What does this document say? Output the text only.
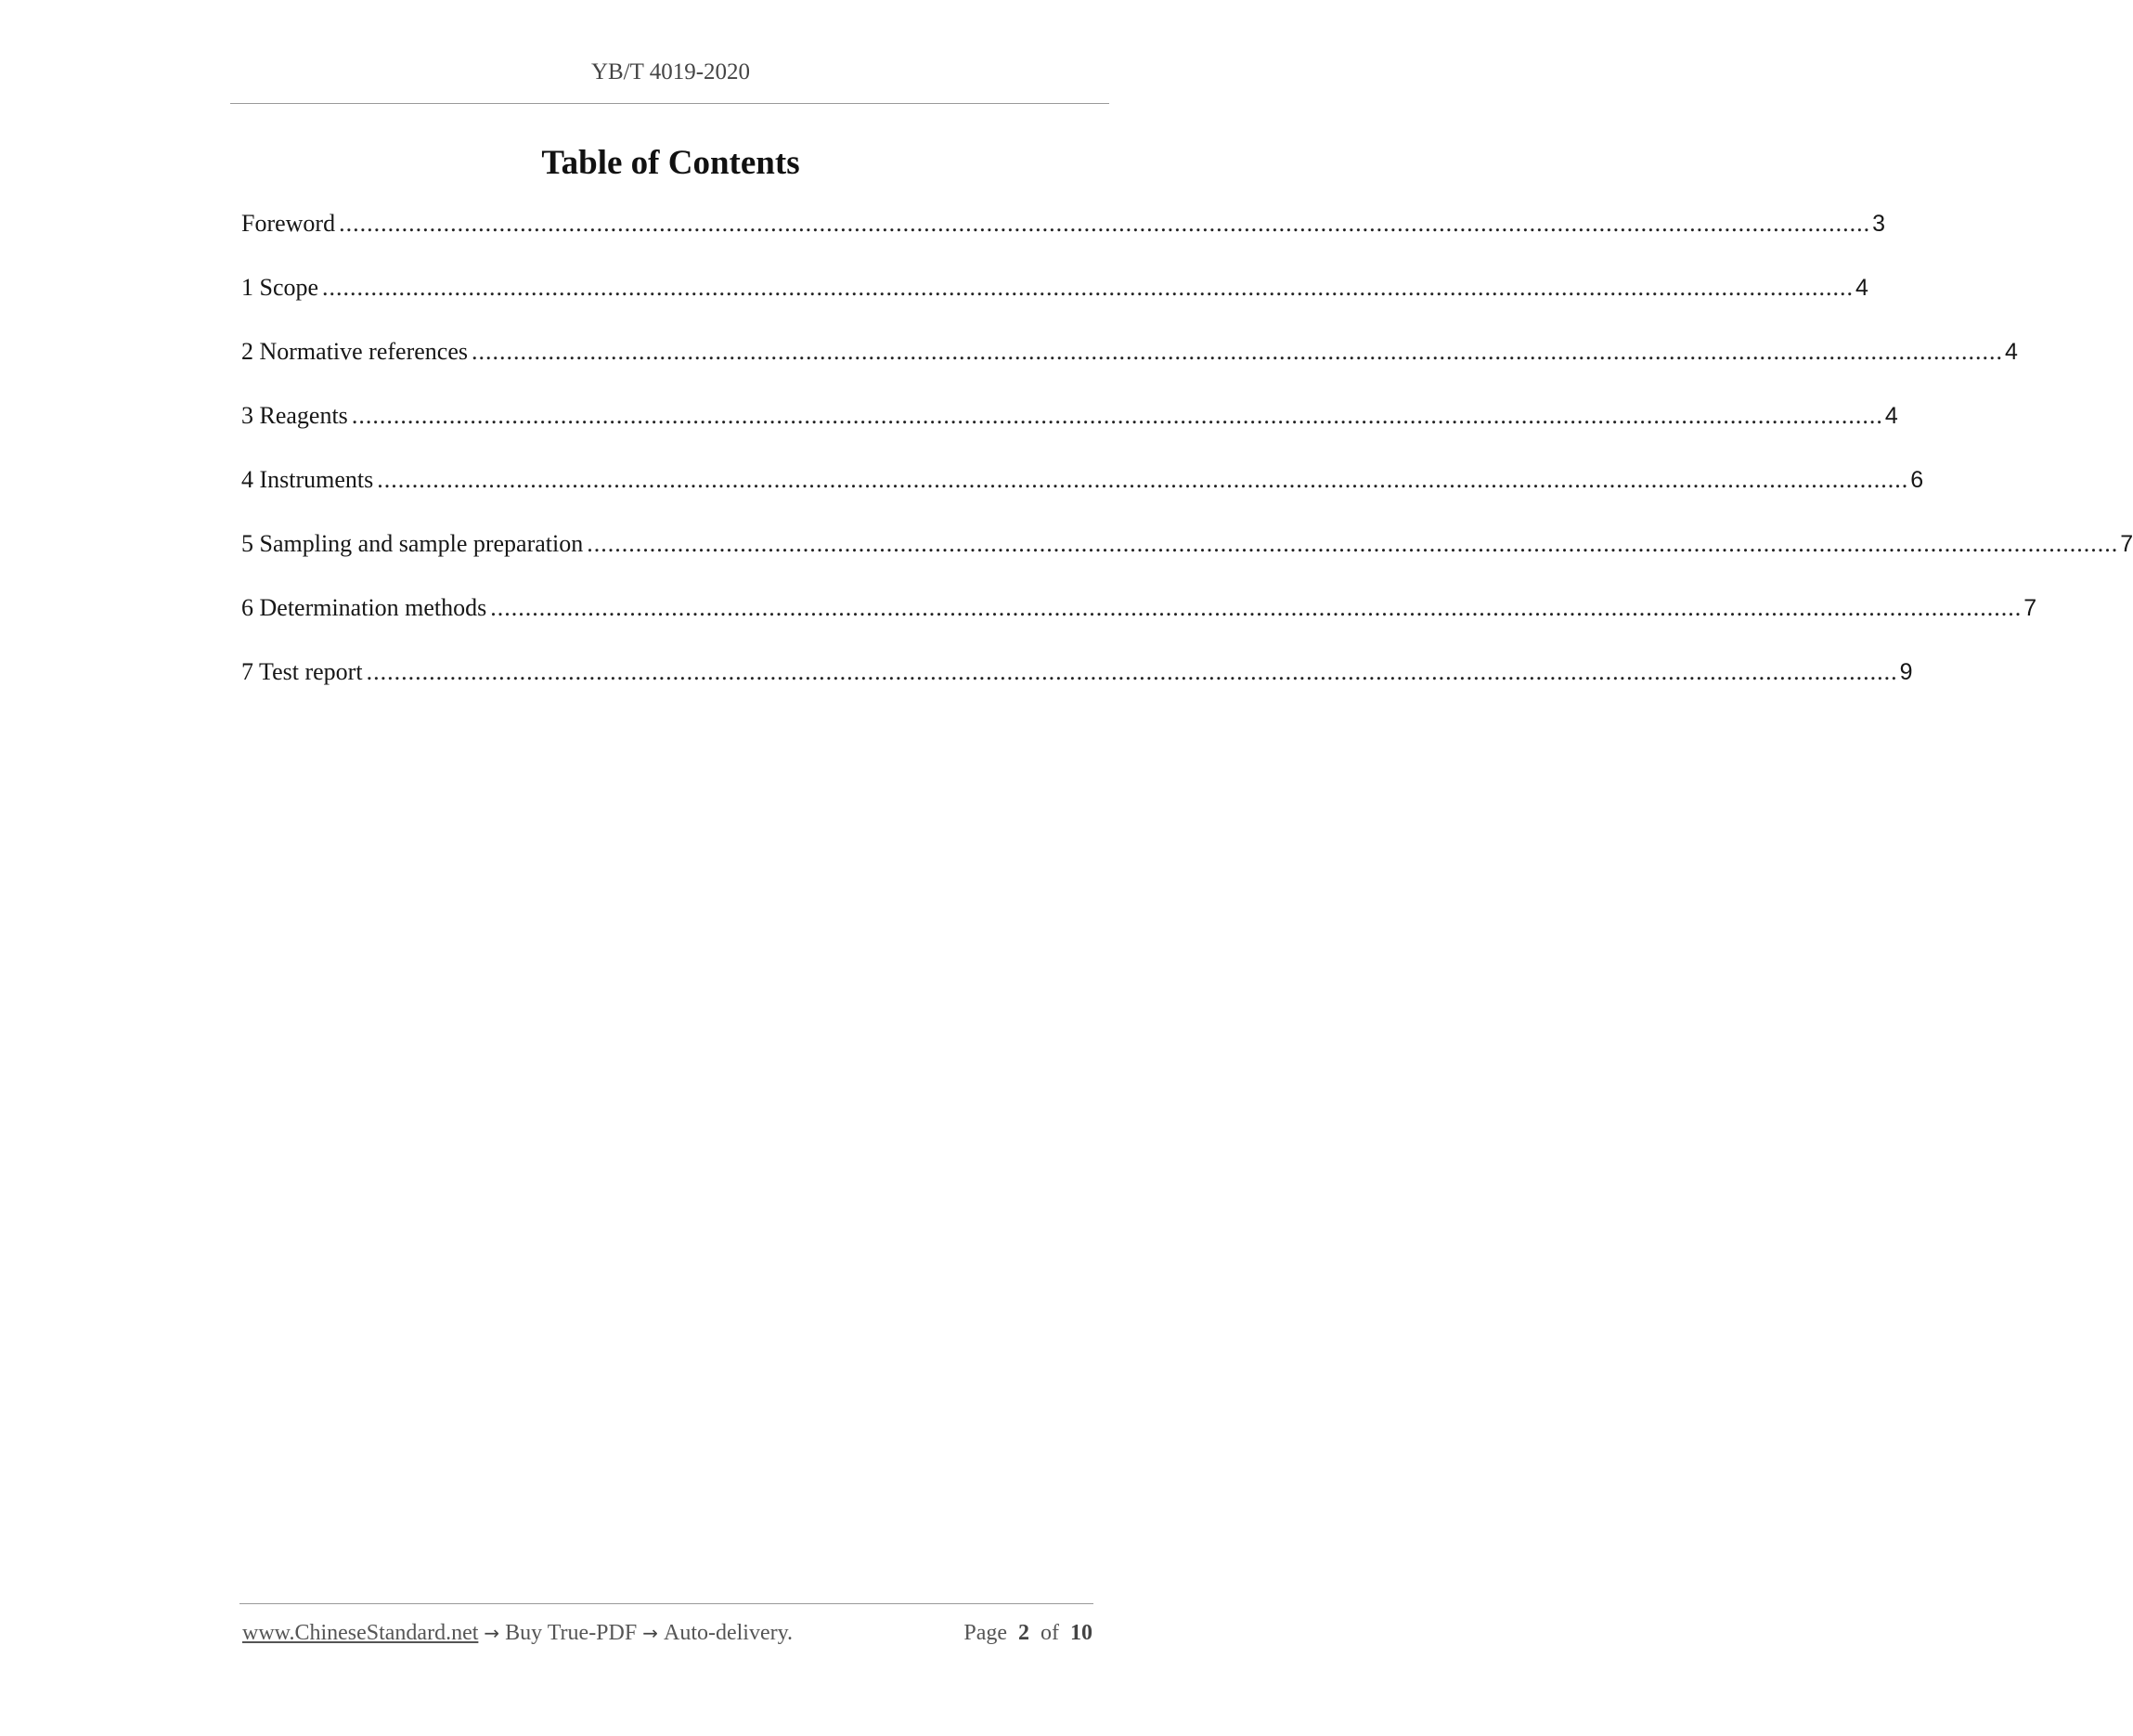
YB/T 4019-2020
Table of Contents
Foreword ............................................................................................................................................................................................................................ 3
1 Scope ............................................................................................................................................................................................................................ 4
2 Normative references ............................................................................................................................................................................................................................ 4
3 Reagents ............................................................................................................................................................................................................................ 4
4 Instruments ............................................................................................................................................................................................................................ 6
5 Sampling and sample preparation ............................................................................................................................................................................................................................ 7
6 Determination methods ............................................................................................................................................................................................................................ 7
7 Test report ............................................................................................................................................................................................................................ 9
www.ChineseStandard.net → Buy True-PDF → Auto-delivery.	Page 2 of 10
